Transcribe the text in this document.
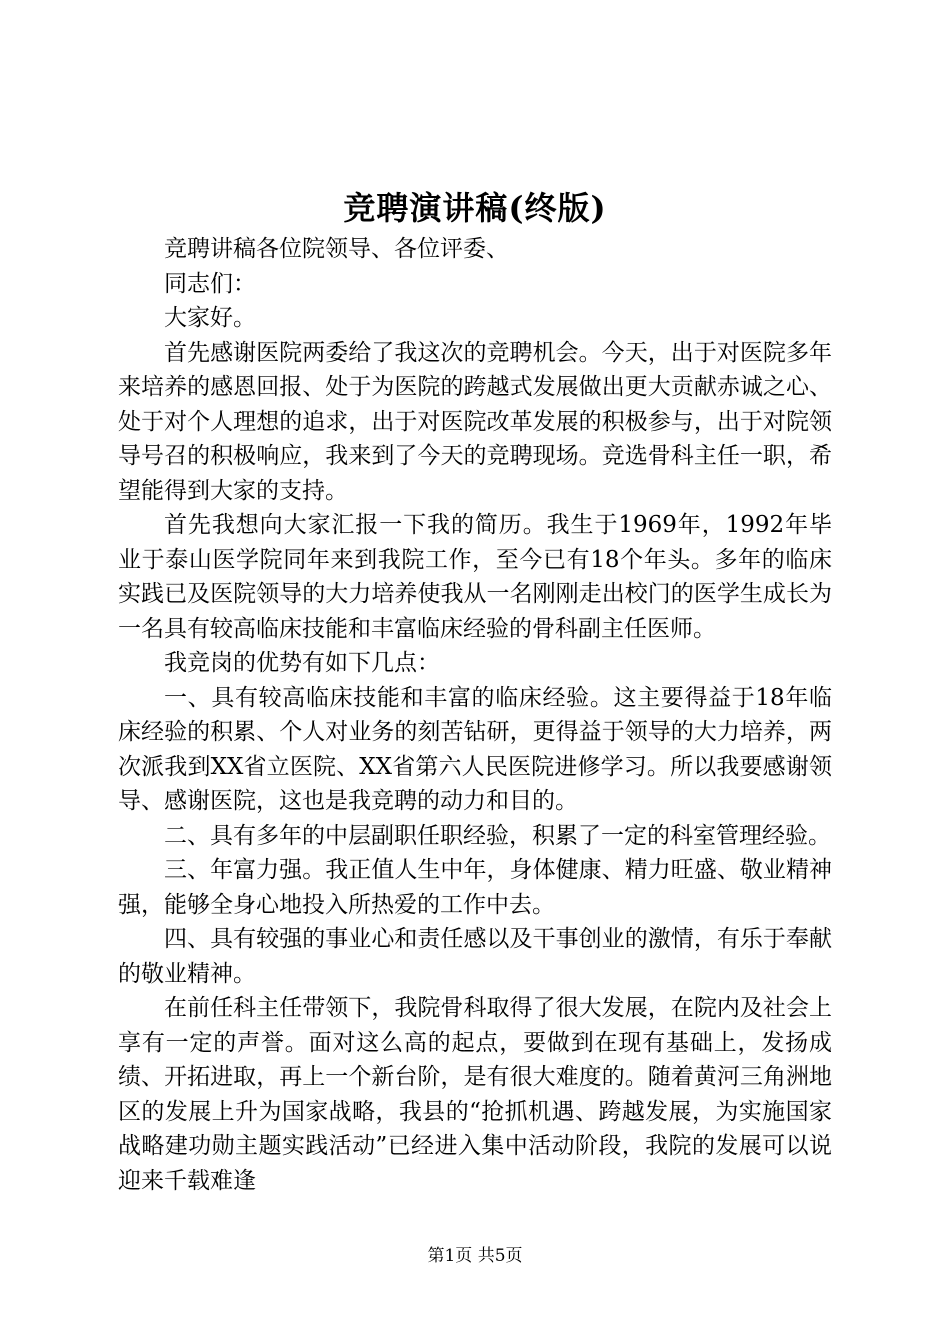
竞聘演讲稿(终版)

竞聘讲稿各位院领导、各位评委、

同志们：

大家好。

首先感谢医院两委给了我这次的竞聘机会。今天，出于对医院多年来培养的感恩回报、处于为医院的跨越式发展做出更大贡献赤诚之心、处于对个人理想的追求，出于对医院改革发展的积极参与，出于对院领导号召的积极响应，我来到了今天的竞聘现场。竞选骨科主任一职，希望能得到大家的支持。

首先我想向大家汇报一下我的简历。我生于1969年，1992年毕业于泰山医学院同年来到我院工作，至今已有18个年头。多年的临床实践已及医院领导的大力培养使我从一名刚刚走出校门的医学生成长为一名具有较高临床技能和丰富临床经验的骨科副主任医师。

我竞岗的优势有如下几点：

一、具有较高临床技能和丰富的临床经验。这主要得益于18年临床经验的积累、个人对业务的刻苦钻研，更得益于领导的大力培养，两次派我到XX省立医院、XX省第六人民医院进修学习。所以我要感谢领导、感谢医院，这也是我竞聘的动力和目的。

二、具有多年的中层副职任职经验，积累了一定的科室管理经验。

三、年富力强。我正值人生中年，身体健康、精力旺盛、敬业精神强，能够全身心地投入所热爱的工作中去。

四、具有较强的事业心和责任感以及干事创业的激情，有乐于奉献的敬业精神。

在前任科主任带领下，我院骨科取得了很大发展，在院内及社会上享有一定的声誉。面对这么高的起点，要做到在现有基础上，发扬成绩、开拓进取，再上一个新台阶，是有很大难度的。随着黄河三角洲地区的发展上升为国家战略，我县的“抢抓机遇、跨越发展，为实施国家战略建功勋主题实践活动”已经进入集中活动阶段，我院的发展可以说迎来千载难逢

第1页 共5页
